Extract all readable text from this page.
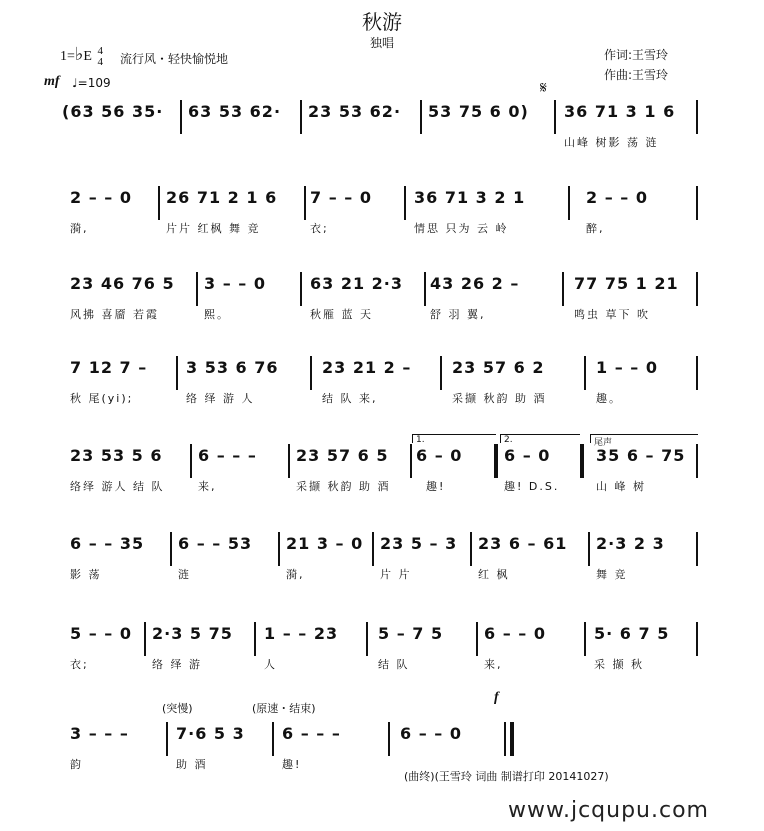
秋游
独唱
1=♭E 4
4 流行风・轻快愉悦地	作词:王雪玲
作曲:王雪玲
mf ♩=109
(63 56 35· 63 53 62· 23 53 62· 53 75 6 0)
𝄋
36 71 3 1 6
山峰 树影 荡 涟
2 – – 0
漪,
26 71 2 1 6
片片 红枫 舞 竞
7 – – 0
衣;
36 71 3 2 1
情思 只为 云 岭
2 – – 0
醉,
23 46 76 5
风拂 喜靥 若霞
3 – – 0
熙。
63 21 2·3
秋雁 蓝 天
43 26 2 –
舒 羽 翼,
77 75 1 21
鸣虫 草下 吹
7 12 7 –
秋 尾(yi);
3 53 6 76
络 绎 游 人
23 21 2 –
结 队 来,
23 57 6 2
采撷 秋韵 助 酒
1 – – 0
趣。
23 53 5 6
络绎 游人 结 队
6 – – –
来,
23 57 6 5
采撷 秋韵 助 酒
1.
6 – 0
趣!
2.
6 – 0
趣! D.S.
尾声
35 6 – 75
山 峰 树
6 – – 35
影 荡
6 – – 53
涟
21 3 – 0
漪,
23 5 – 3
片 片
23 6 – 61
红 枫
2·3 2 3
舞 竞
5 – – 0
衣;
2·3 5 75
络 绎 游
1 – – 23
人
5 – 7 5
结 队
6 – – 0
来,
5· 6 7 5
采 撷 秋
(突慢)	(原速・结束)
f
3 – – –
韵
7·6 5 3
助 酒
6 – – –
趣!
6 – – 0
(曲终)(王雪玲 词曲 制谱打印 20141027)
www.jcqupu.com
